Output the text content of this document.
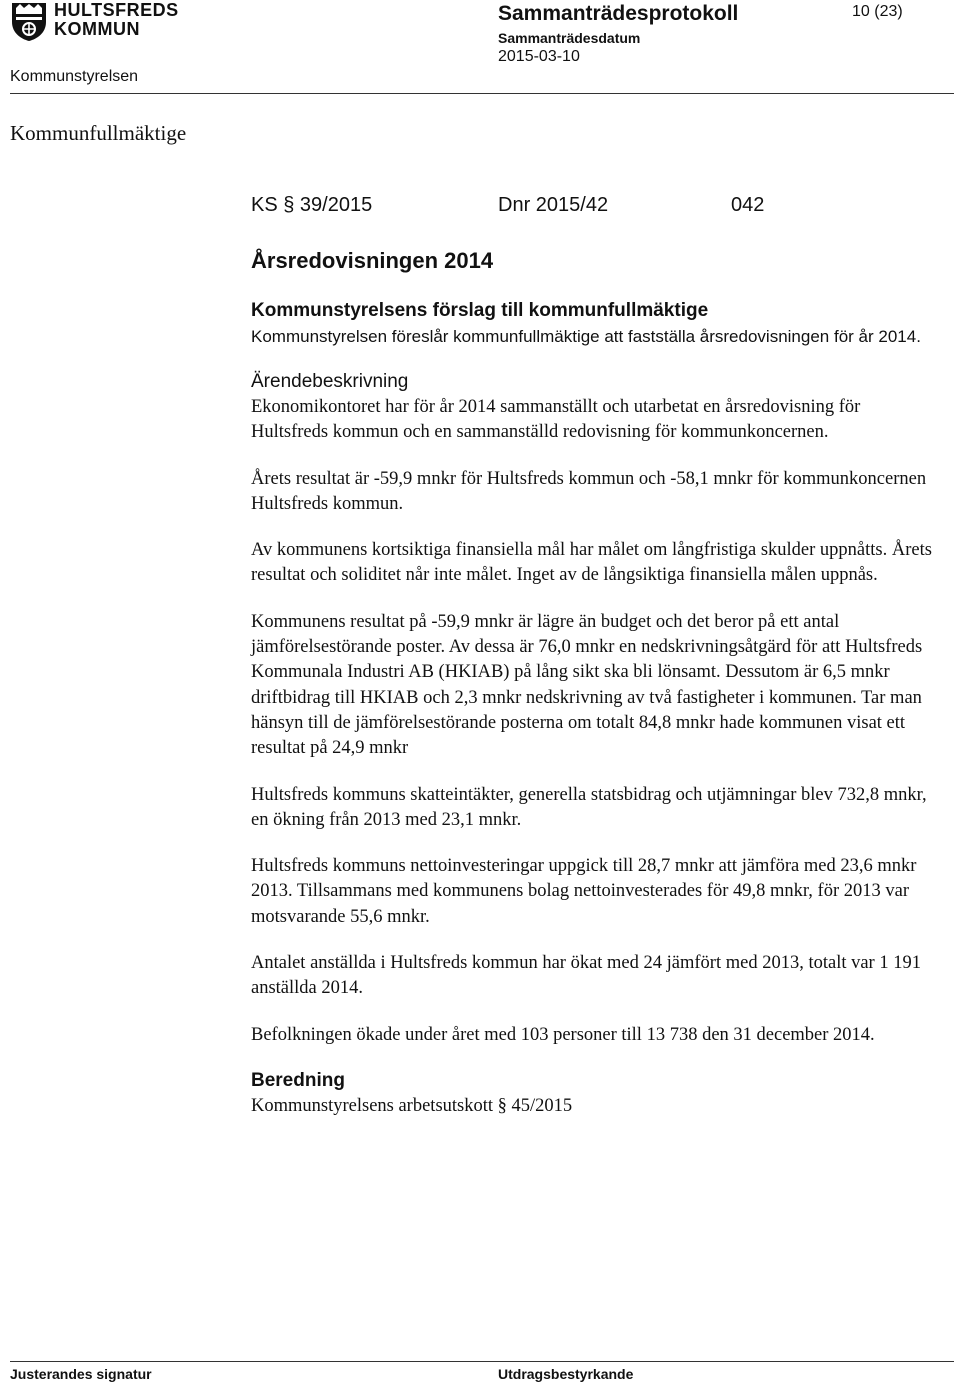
HULTSFREDS
KOMMUN
Sammanträdesprotokoll
Sammanträdesdatum
2015-03-10
10 (23)
Kommunstyrelsen
Kommunfullmäktige
KS § 39/2015	Dnr 2015/42	042
Årsredovisningen 2014
Kommunstyrelsens förslag till kommunfullmäktige

Kommunstyrelsen föreslår kommunfullmäktige att fastställa årsredovisningen för år 2014.

Ärendebeskrivning

Ekonomikontoret har för år 2014 sammanställt och utarbetat en årsredovisning för Hultsfreds kommun och en sammanställd redovisning för kommunkoncernen.

Årets resultat är -59,9 mnkr för Hultsfreds kommun och -58,1 mnkr för kommunkoncernen Hultsfreds kommun.

Av kommunens kortsiktiga finansiella mål har målet om långfristiga skulder uppnåtts. Årets resultat och soliditet når inte målet. Inget av de långsiktiga finansiella målen uppnås.

Kommunens resultat på -59,9 mnkr är lägre än budget och det beror på ett antal jämförelsestörande poster. Av dessa är 76,0 mnkr en nedskrivningsåtgärd för att Hultsfreds Kommunala Industri AB (HKIAB) på lång sikt ska bli lönsamt. Dessutom är 6,5 mnkr driftbidrag till HKIAB och 2,3 mnkr nedskrivning av två fastigheter i kommunen. Tar man hänsyn till de jämförelsestörande posterna om totalt 84,8 mnkr hade kommunen visat ett resultat på 24,9 mnkr

Hultsfreds kommuns skatteintäkter, generella statsbidrag och utjämningar blev 732,8 mnkr, en ökning från 2013 med 23,1 mnkr.

Hultsfreds kommuns nettoinvesteringar uppgick till 28,7 mnkr att jämföra med 23,6 mnkr 2013. Tillsammans med kommunens bolag nettoinvesterades för 49,8 mnkr, för 2013 var motsvarande 55,6 mnkr.

Antalet anställda i Hultsfreds kommun har ökat med 24 jämfört med 2013, totalt var 1 191 anställda 2014.

Befolkningen ökade under året med 103 personer till 13 738 den 31 december 2014.

Beredning

Kommunstyrelsens arbetsutskott § 45/2015

Justerandes signatur	Utdragsbestyrkande
